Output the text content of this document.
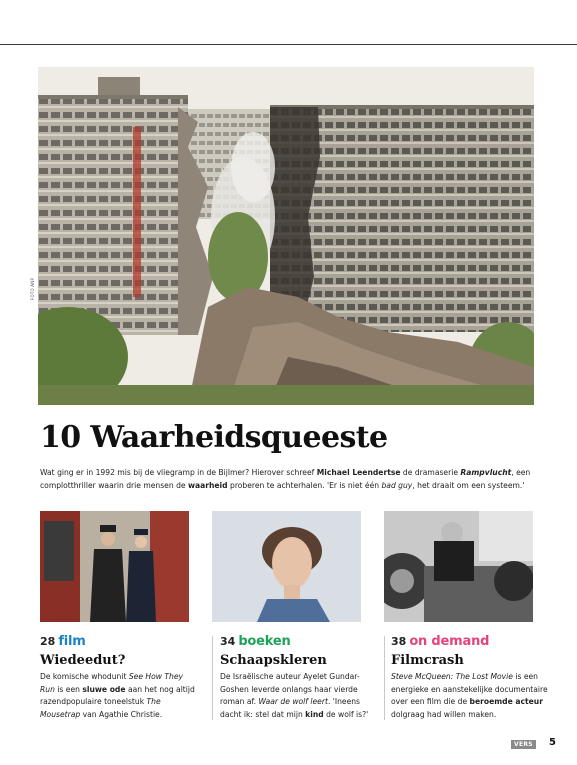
FOTO ANP
10 Waarheidsqueeste

Wat ging er in 1992 mis bij de vliegramp in de Bijlmer? Hierover schreef Michael Leendertse de dramaserie Rampvlucht, een complotthriller waarin drie mensen de waarheid proberen te achterhalen. 'Er is niet één bad guy, het draait om een systeem.'

28 film
Wiedeedut?

De komische whodunit See How They Run is een sluwe ode aan het nog altijd razendpopulaire toneelstuk The Mousetrap van Agathie Christie.

34 boeken
Schaapskleren

De Israëlische auteur Ayelet Gundar-Goshen leverde onlangs haar vierde roman af. Waar de wolf leert. 'Ineens dacht ik: stel dat mijn kind de wolf is?'

38 on demand
Filmcrash

Steve McQueen: The Lost Movie is een energieke en aanstekelijke documentaire over een film die de beroemde acteur dolgraag had willen maken.

VERS	5
